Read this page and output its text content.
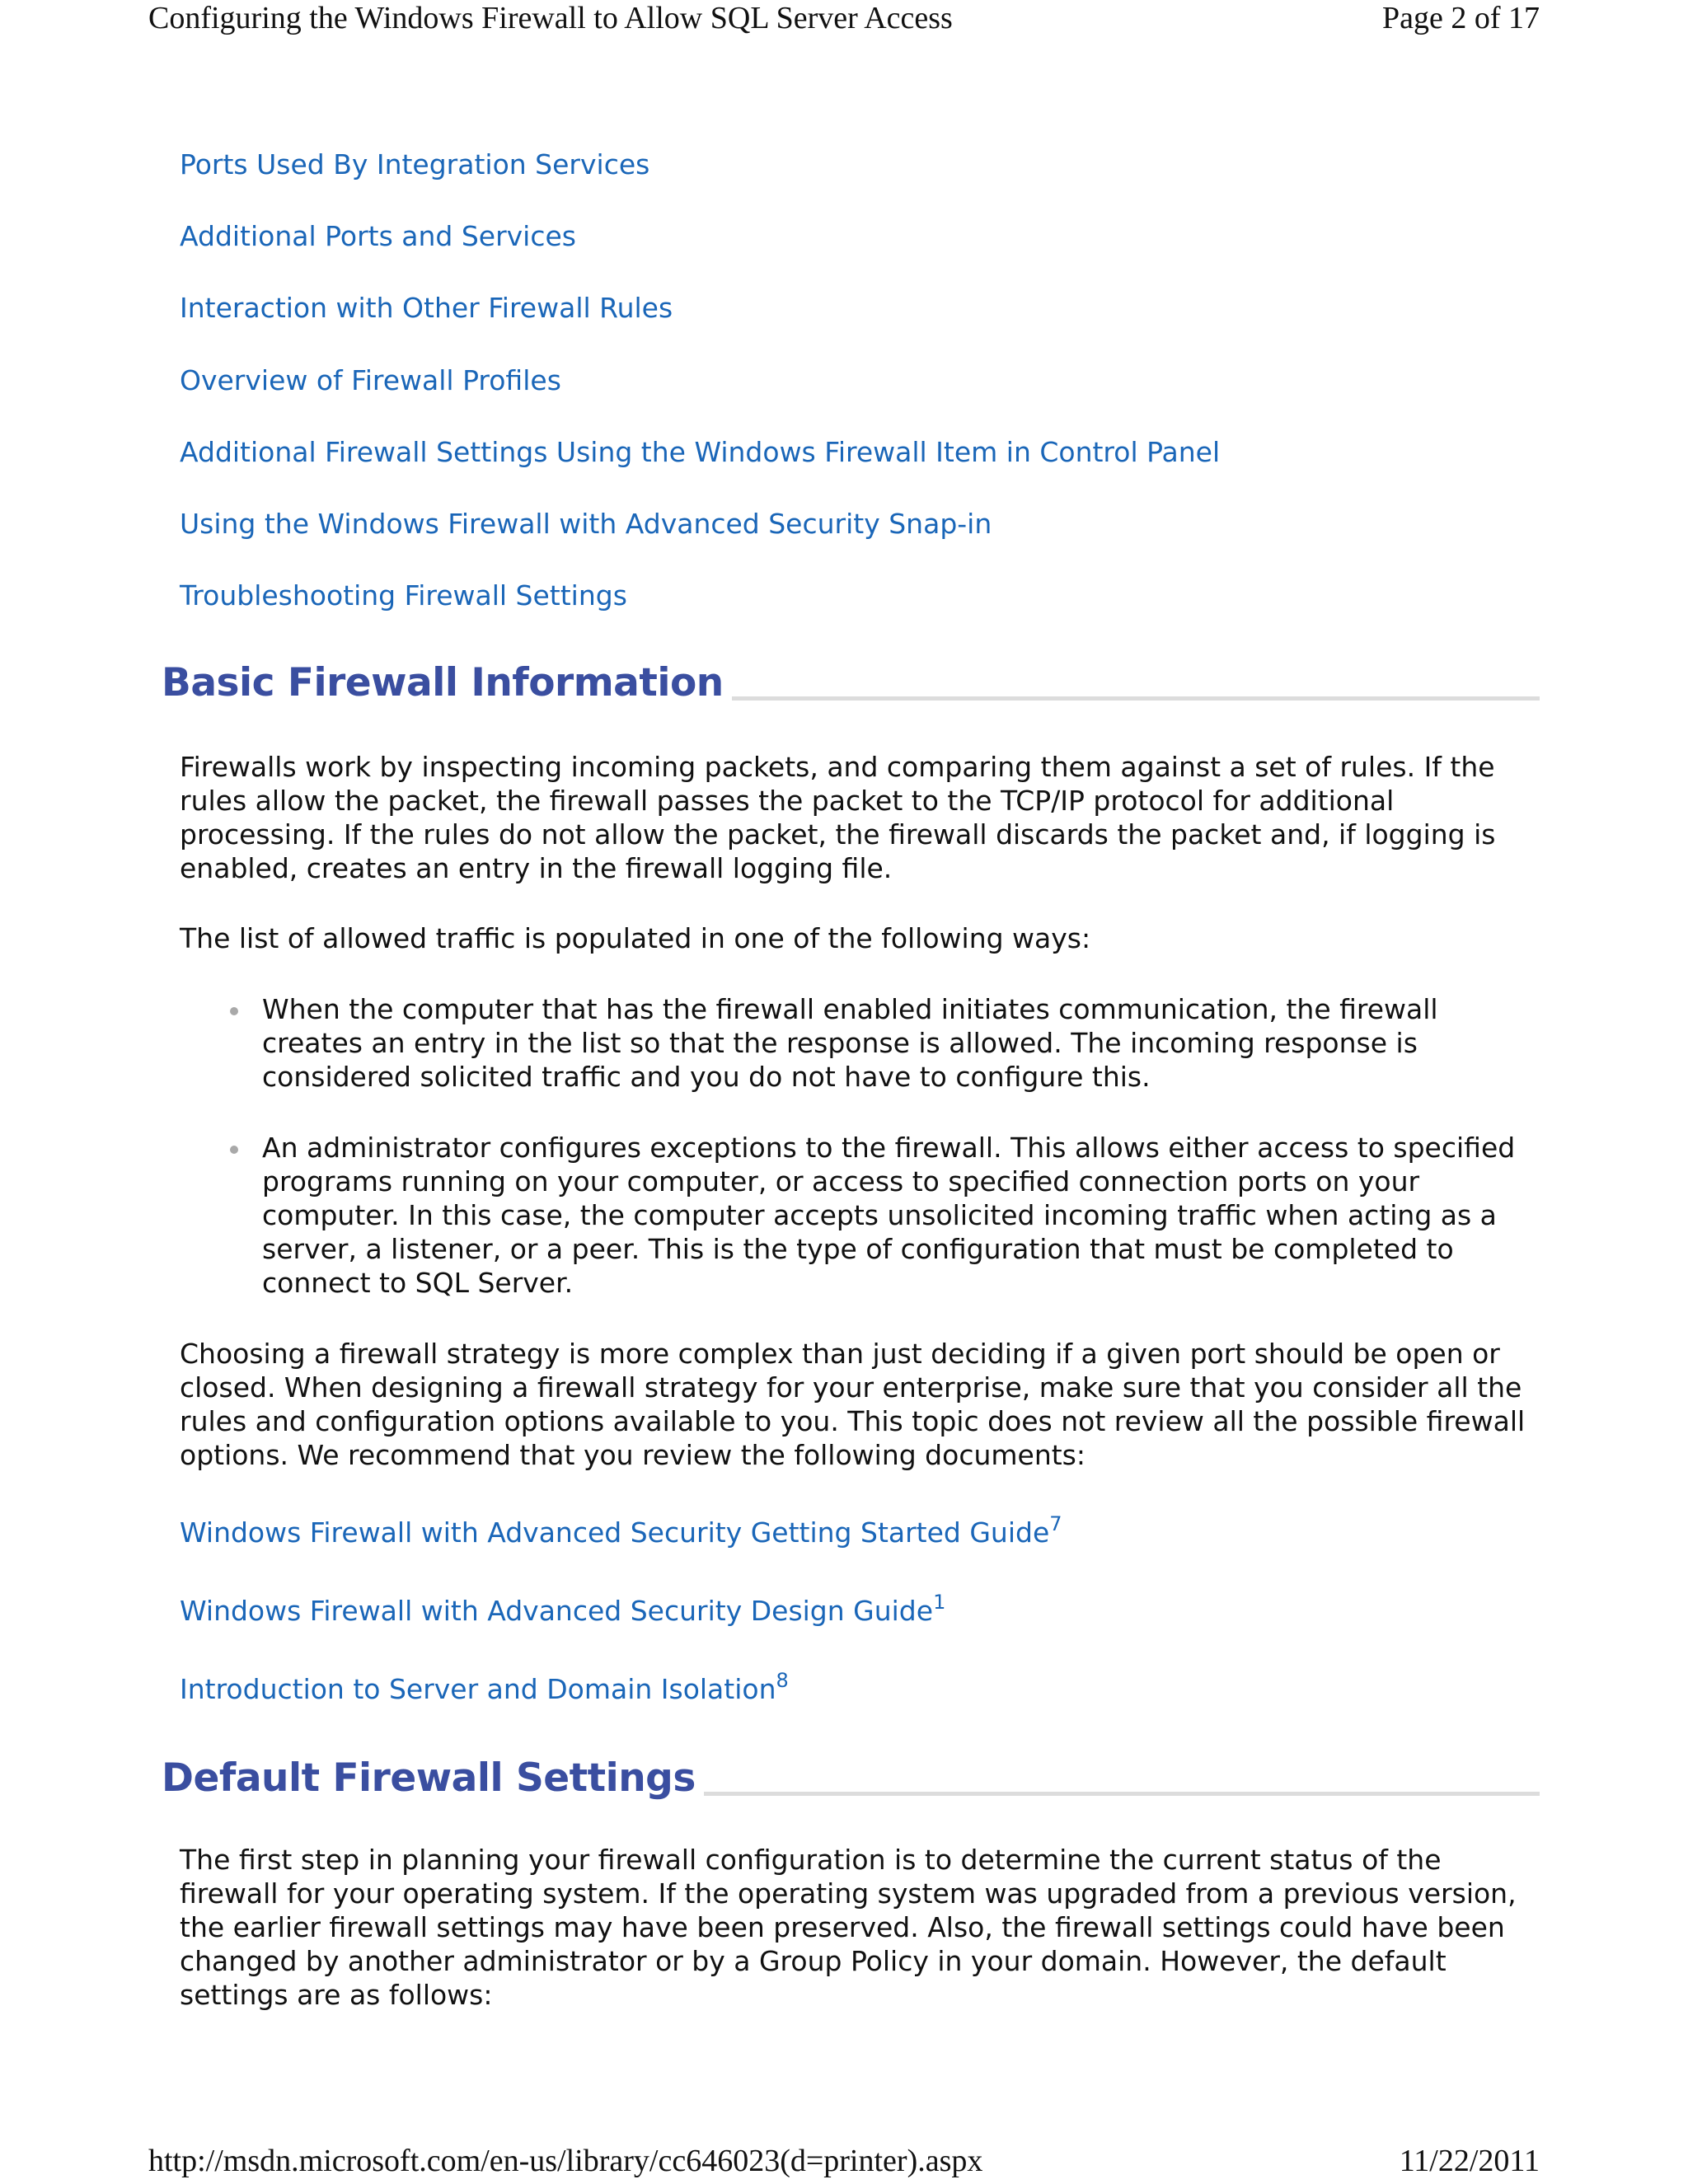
Configuring the Windows Firewall to Allow SQL Server Access	Page 2 of 17
Ports Used By Integration Services
Additional Ports and Services
Interaction with Other Firewall Rules
Overview of Firewall Profiles
Additional Firewall Settings Using the Windows Firewall Item in Control Panel
Using the Windows Firewall with Advanced Security Snap-in
Troubleshooting Firewall Settings
Basic Firewall Information
Firewalls work by inspecting incoming packets, and comparing them against a set of rules. If the rules allow the packet, the firewall passes the packet to the TCP/IP protocol for additional processing. If the rules do not allow the packet, the firewall discards the packet and, if logging is enabled, creates an entry in the firewall logging file.
The list of allowed traffic is populated in one of the following ways:
When the computer that has the firewall enabled initiates communication, the firewall creates an entry in the list so that the response is allowed. The incoming response is considered solicited traffic and you do not have to configure this.
An administrator configures exceptions to the firewall. This allows either access to specified programs running on your computer, or access to specified connection ports on your computer. In this case, the computer accepts unsolicited incoming traffic when acting as a server, a listener, or a peer. This is the type of configuration that must be completed to connect to SQL Server.
Choosing a firewall strategy is more complex than just deciding if a given port should be open or closed. When designing a firewall strategy for your enterprise, make sure that you consider all the rules and configuration options available to you. This topic does not review all the possible firewall options. We recommend that you review the following documents:
Windows Firewall with Advanced Security Getting Started Guide$^7$
Windows Firewall with Advanced Security Design Guide$^1$
Introduction to Server and Domain Isolation$^8$
Default Firewall Settings
The first step in planning your firewall configuration is to determine the current status of the firewall for your operating system. If the operating system was upgraded from a previous version, the earlier firewall settings may have been preserved. Also, the firewall settings could have been changed by another administrator or by a Group Policy in your domain. However, the default settings are as follows:
http://msdn.microsoft.com/en-us/library/cc646023(d=printer).aspx	11/22/2011
